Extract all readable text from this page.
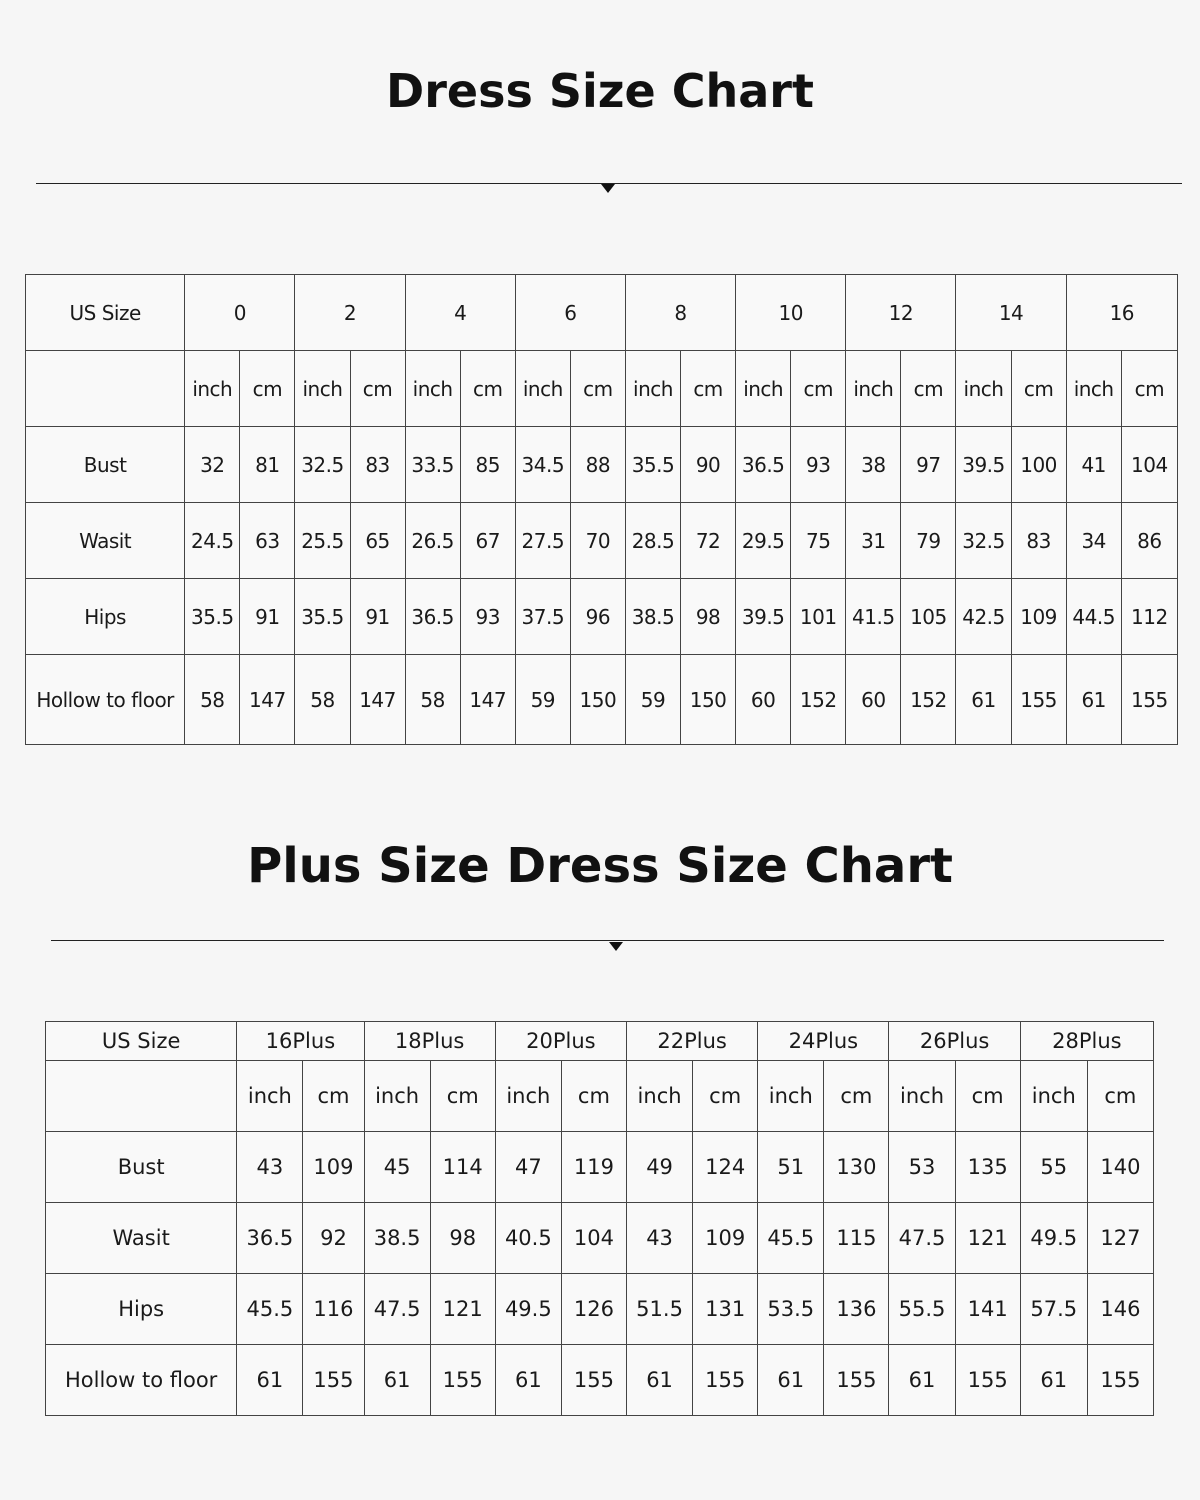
Dress Size Chart
US Size	0		2		4		6		8		10		12		14		16	
	inch	cm	inch	cm	inch	cm	inch	cm	inch	cm	inch	cm	inch	cm	inch	cm	inch	cm
Bust	32	81	32.5	83	33.5	85	34.5	88	35.5	90	36.5	93	38	97	39.5	100	41	104
Wasit	24.5	63	25.5	65	26.5	67	27.5	70	28.5	72	29.5	75	31	79	32.5	83	34	86
Hips	35.5	91	35.5	91	36.5	93	37.5	96	38.5	98	39.5	101	41.5	105	42.5	109	44.5	112
Hollow to floor	58	147	58	147	58	147	59	150	59	150	60	152	60	152	61	155	61	155
Plus Size Dress Size Chart
US Size	16Plus		18Plus		20Plus		22Plus		24Plus		26Plus		28Plus	
	inch	cm	inch	cm	inch	cm	inch	cm	inch	cm	inch	cm	inch	cm
Bust	43	109	45	114	47	119	49	124	51	130	53	135	55	140
Wasit	36.5	92	38.5	98	40.5	104	43	109	45.5	115	47.5	121	49.5	127
Hips	45.5	116	47.5	121	49.5	126	51.5	131	53.5	136	55.5	141	57.5	146
Hollow to floor	61	155	61	155	61	155	61	155	61	155	61	155	61	155
